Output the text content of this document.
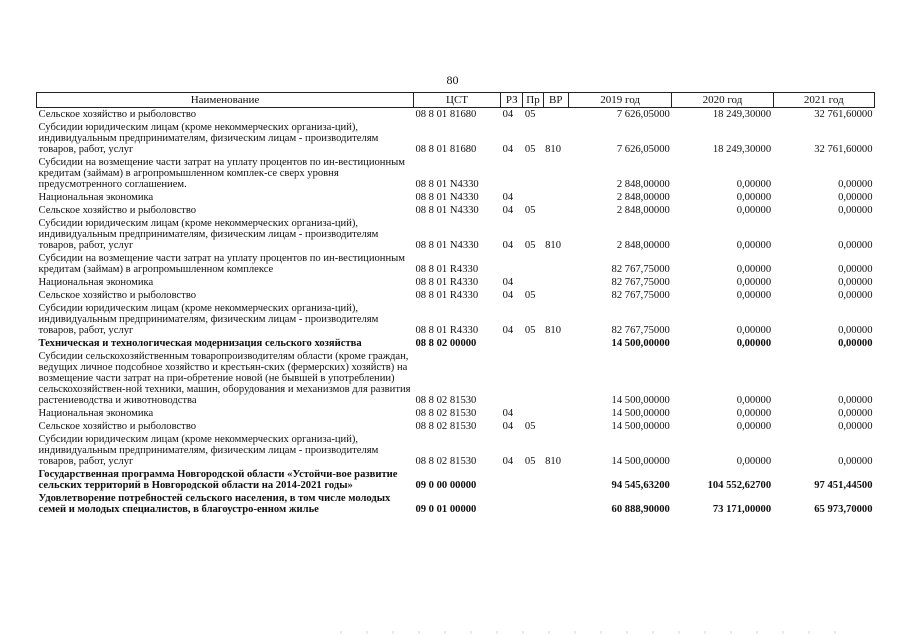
80
Наименование	ЦСТ	РЗ	Пр	ВР	2019 год	2020 год	2021 год
Сельское хозяйство и рыболовство	08 8 01 81680	04	05		7 626,05000	18 249,30000	32 761,60000
Субсидии юридическим лицам (кроме некоммерческих организа-ций), индивидуальным предпринимателям, физическим лицам - производителям товаров, работ, услуг	08 8 01 81680	04	05	810	7 626,05000	18 249,30000	32 761,60000
Субсидии на возмещение части затрат на уплату процентов по ин-вестиционным кредитам (займам) в агропромышленном комплек-се сверх уровня предусмотренного соглашением.	08 8 01 N4330				2 848,00000	0,00000	0,00000
Национальная экономика	08 8 01 N4330	04			2 848,00000	0,00000	0,00000
Сельское хозяйство и рыболовство	08 8 01 N4330	04	05		2 848,00000	0,00000	0,00000
Субсидии юридическим лицам (кроме некоммерческих организа-ций), индивидуальным предпринимателям, физическим лицам - производителям товаров, работ, услуг	08 8 01 N4330	04	05	810	2 848,00000	0,00000	0,00000
Субсидии на возмещение части затрат на уплату процентов по ин-вестиционным кредитам (займам) в агропромышленном комплексе	08 8 01 R4330				82 767,75000	0,00000	0,00000
Национальная экономика	08 8 01 R4330	04			82 767,75000	0,00000	0,00000
Сельское хозяйство и рыболовство	08 8 01 R4330	04	05		82 767,75000	0,00000	0,00000
Субсидии юридическим лицам (кроме некоммерческих организа-ций), индивидуальным предпринимателям, физическим лицам - производителям товаров, работ, услуг	08 8 01 R4330	04	05	810	82 767,75000	0,00000	0,00000
Техническая и технологическая модернизация сельского хозяйства	08 8 02 00000				14 500,00000	0,00000	0,00000
Субсидии сельскохозяйственным товаропроизводителям области (кроме граждан, ведущих личное подсобное хозяйство и крестьян-ских (фермерских) хозяйств) на возмещение части затрат на при-обретение новой (не бывшей в употреблении) сельскохозяйствен-ной техники, машин, оборудования и механизмов для развития растениеводства и животноводства	08 8 02 81530				14 500,00000	0,00000	0,00000
Национальная экономика	08 8 02 81530	04			14 500,00000	0,00000	0,00000
Сельское хозяйство и рыболовство	08 8 02 81530	04	05		14 500,00000	0,00000	0,00000
Субсидии юридическим лицам (кроме некоммерческих организа-ций), индивидуальным предпринимателям, физическим лицам - производителям товаров, работ, услуг	08 8 02 81530	04	05	810	14 500,00000	0,00000	0,00000
Государственная программа Новгородской области «Устойчи-вое развитие сельских территорий в Новгородской области на 2014-2021 годы»	09 0 00 00000				94 545,63200	104 552,62700	97 451,44500
Удовлетворение потребностей сельского населения, в том числе молодых семей и молодых специалистов, в благоустро-енном жилье	09 0 01 00000				60 888,90000	73 171,00000	65 973,70000
